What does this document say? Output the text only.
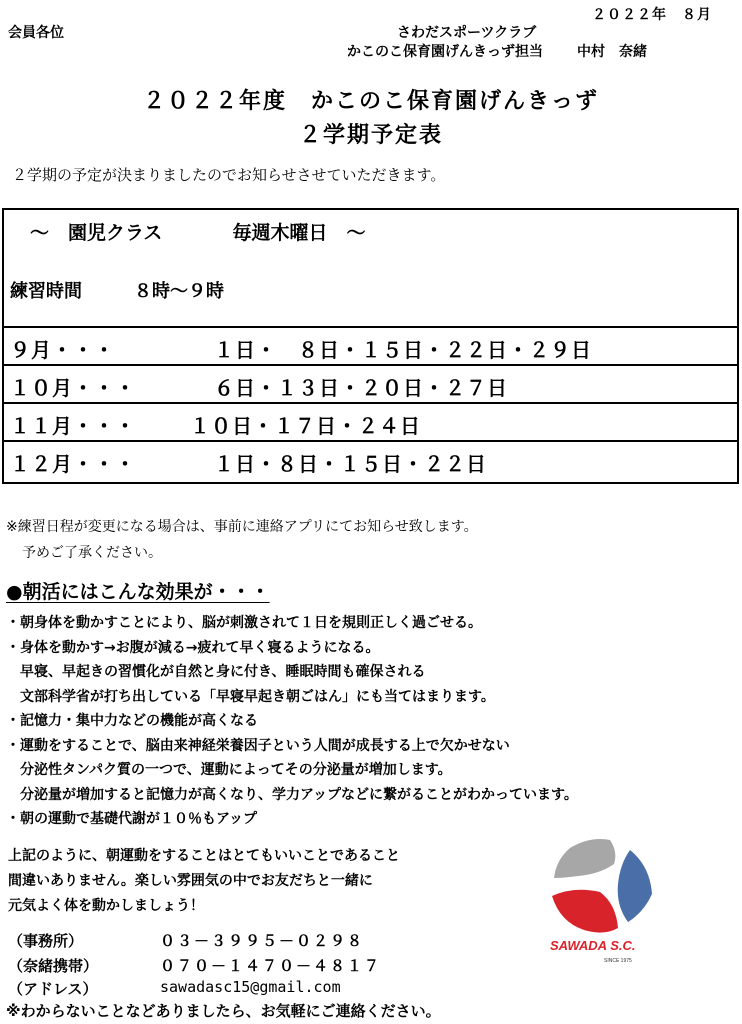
２０２２年　８月
会員各位	さわだスポーツクラブ
かこのこ保育園げんきっず担当 中村　奈緒
２０２２年度　かこのこ保育園げんきっず
２学期予定表
２学期の予定が決まりましたのでお知らせさせていただきます。
～　園児クラス	毎週木曜日　～
練習時間	８時～９時
９月・・・	１日・　８日・１５日・２２日・２９日
１０月・・・	６日・１３日・２０日・２７日
１１月・・・	１０日・１７日・２４日
１２月・・・	１日・８日・１５日・２２日
※練習日程が変更になる場合は、事前に連絡アプリにてお知らせ致します。
予めご了承ください。
●朝活にはこんな効果が・・・
・朝身体を動かすことにより、脳が刺激されて１日を規則正しく過ごせる。
・身体を動かす→お腹が減る→疲れて早く寝るようになる。
　早寝、早起きの習慣化が自然と身に付き、睡眠時間も確保される
　文部科学省が打ち出している「早寝早起き朝ごはん」にも当てはまります。
・記憶力・集中力などの機能が高くなる
・運動をすることで、脳由来神経栄養因子という人間が成長する上で欠かせない
　分泌性タンパク質の一つで、運動によってその分泌量が増加します。
　分泌量が増加すると記憶力が高くなり、学力アップなどに繋がることがわかっています。
・朝の運動で基礎代謝が１０％もアップ
上記のように、朝運動をすることはとてもいいことであること
間違いありません。楽しい雰囲気の中でお友だちと一緒に
元気よく体を動かしましょう！
SAWADA S.C.
SINCE 1975
（事務所）	０３－３９９５－０２９８
（奈緒携帯）	０７０－１４７０－４８１７
（アドレス）	sawadasc15@gmail.com
※わからないことなどありましたら、お気軽にご連絡ください。
